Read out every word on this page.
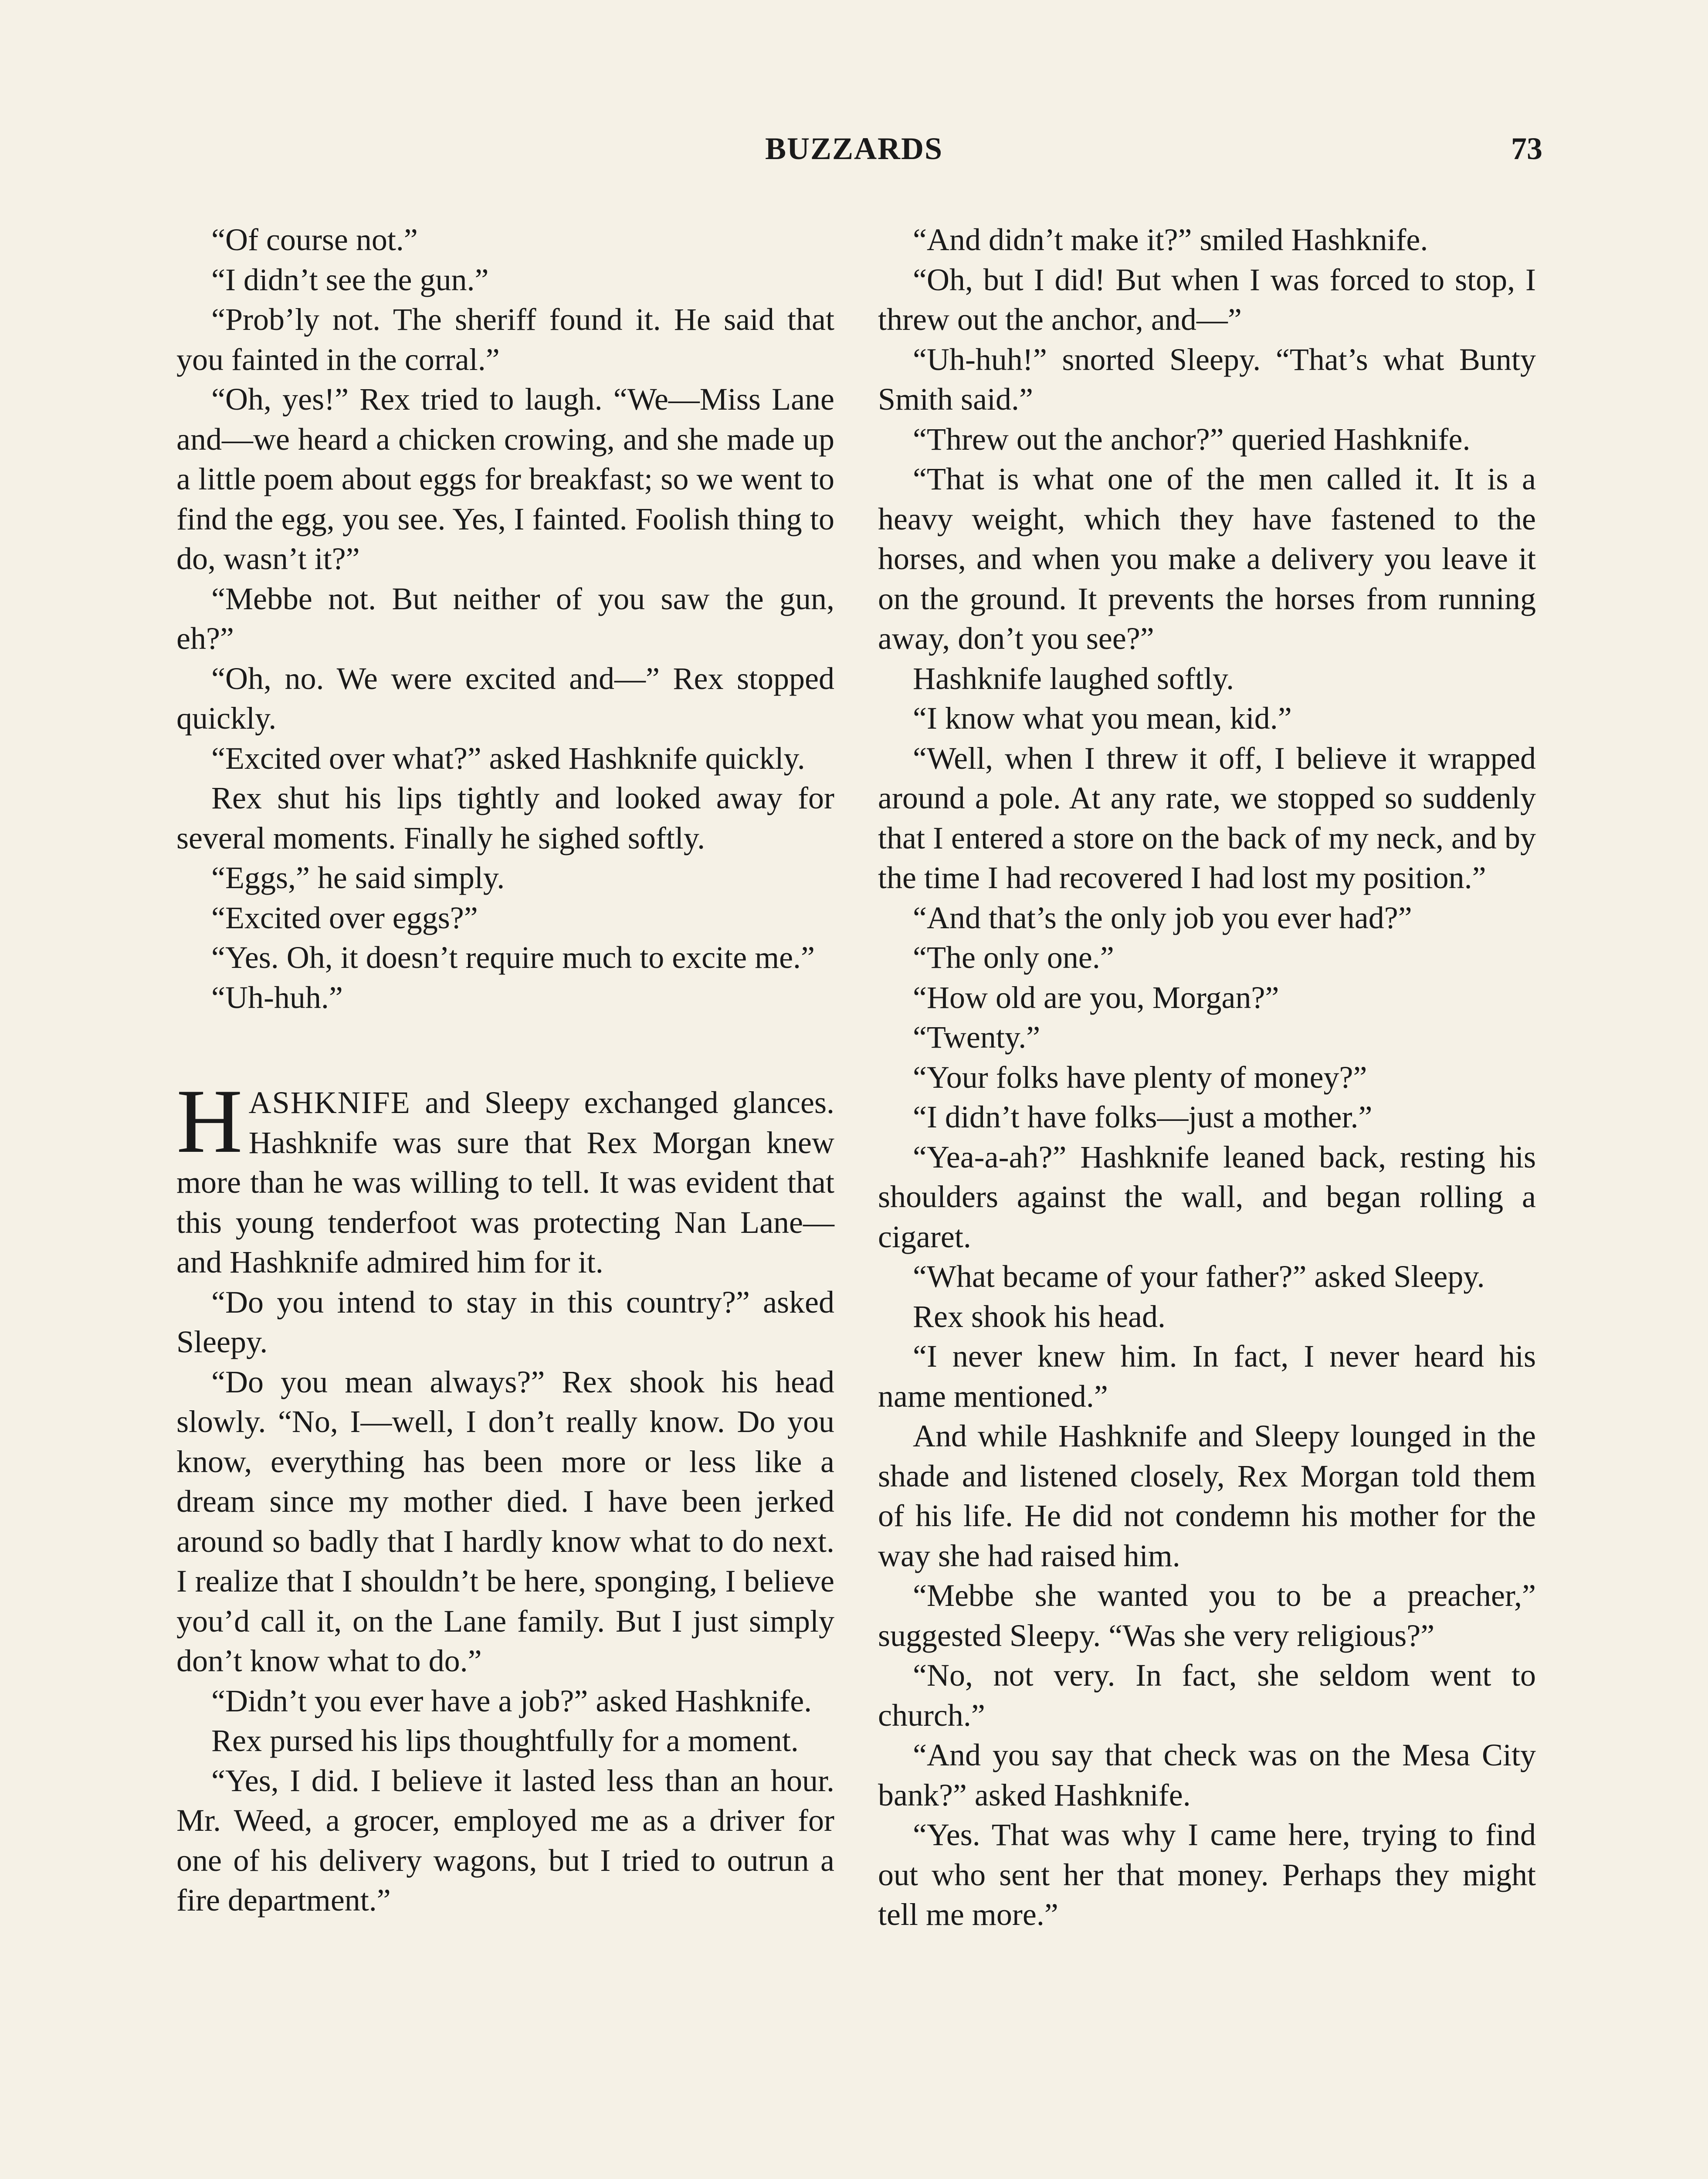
BUZZARDS	73

“Of course not.”

“I didn’t see the gun.”

“Prob’ly not. The sheriff found it. He said that you fainted in the corral.”

“Oh, yes!” Rex tried to laugh. “We—Miss Lane and—we heard a chicken crowing, and she made up a little poem about eggs for breakfast; so we went to find the egg, you see. Yes, I fainted. Foolish thing to do, wasn’t it?”

“Mebbe not. But neither of you saw the gun, eh?”

“Oh, no. We were excited and—” Rex stopped quickly.

“Excited over what?” asked Hashknife quickly.

Rex shut his lips tightly and looked away for several moments. Finally he sighed softly.

“Eggs,” he said simply.

“Excited over eggs?”

“Yes. Oh, it doesn’t require much to excite me.”

“Uh-huh.”

HASHKNIFE and Sleepy exchanged glances. Hashknife was sure that Rex Morgan knew more than he was willing to tell. It was evident that this young tenderfoot was protecting Nan Lane—and Hashknife admired him for it.

“Do you intend to stay in this country?” asked Sleepy.

“Do you mean always?” Rex shook his head slowly. “No, I—well, I don’t really know. Do you know, everything has been more or less like a dream since my mother died. I have been jerked around so badly that I hardly know what to do next. I realize that I shouldn’t be here, sponging, I believe you’d call it, on the Lane family. But I just simply don’t know what to do.”

“Didn’t you ever have a job?” asked Hashknife.

Rex pursed his lips thoughtfully for a moment.

“Yes, I did. I believe it lasted less than an hour. Mr. Weed, a grocer, employed me as a driver for one of his delivery wagons, but I tried to outrun a fire department.”

“And didn’t make it?” smiled Hashknife.

“Oh, but I did! But when I was forced to stop, I threw out the anchor, and—”

“Uh-huh!” snorted Sleepy. “That’s what Bunty Smith said.”

“Threw out the anchor?” queried Hashknife.

“That is what one of the men called it. It is a heavy weight, which they have fastened to the horses, and when you make a delivery you leave it on the ground. It prevents the horses from running away, don’t you see?”

Hashknife laughed softly.

“I know what you mean, kid.”

“Well, when I threw it off, I believe it wrapped around a pole. At any rate, we stopped so suddenly that I entered a store on the back of my neck, and by the time I had recovered I had lost my position.”

“And that’s the only job you ever had?”

“The only one.”

“How old are you, Morgan?”

“Twenty.”

“Your folks have plenty of money?”

“I didn’t have folks—just a mother.”

“Yea-a-ah?” Hashknife leaned back, resting his shoulders against the wall, and began rolling a cigaret.

“What became of your father?” asked Sleepy.

Rex shook his head.

“I never knew him. In fact, I never heard his name mentioned.”

And while Hashknife and Sleepy lounged in the shade and listened closely, Rex Morgan told them of his life. He did not condemn his mother for the way she had raised him.

“Mebbe she wanted you to be a preacher,” suggested Sleepy. “Was she very religious?”

“No, not very. In fact, she seldom went to church.”

“And you say that check was on the Mesa City bank?” asked Hashknife.

“Yes. That was why I came here, trying to find out who sent her that money. Perhaps they might tell me more.”
